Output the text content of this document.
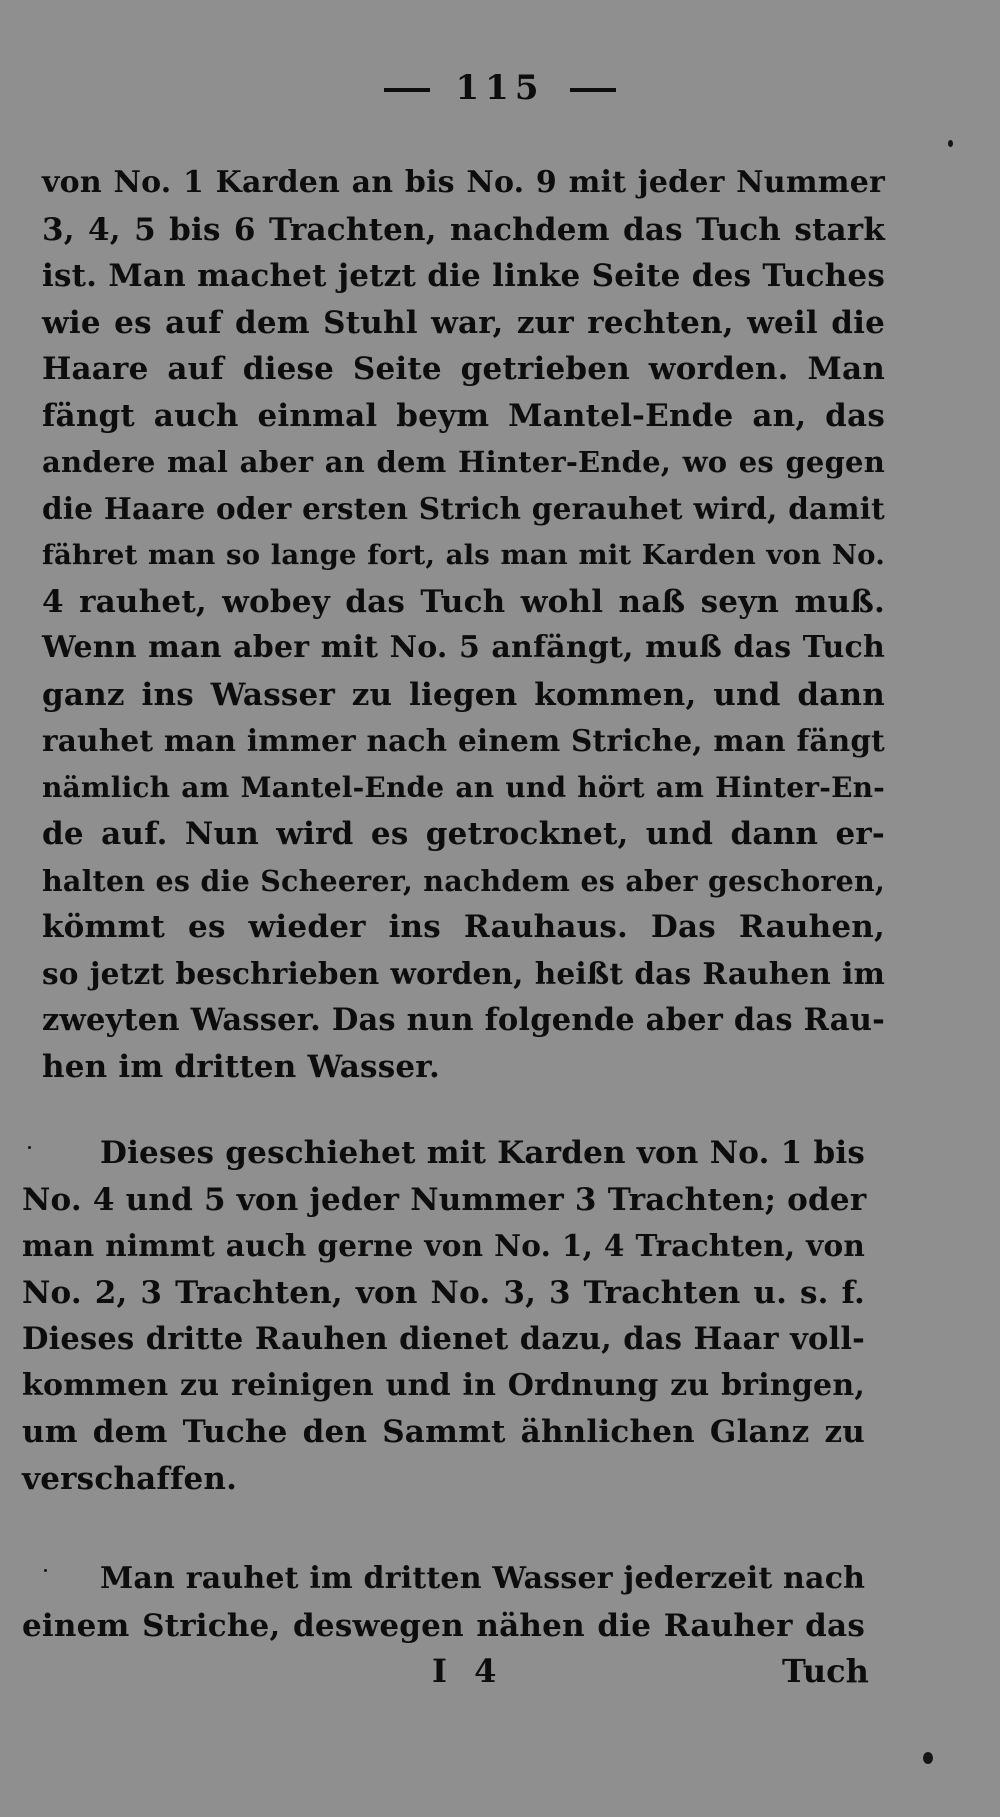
115
von No. 1 Karden an bis No. 9 mit jeder Nummer
3, 4, 5 bis 6 Trachten, nachdem das Tuch stark
ist. Man machet jetzt die linke Seite des Tuches
wie es auf dem Stuhl war, zur rechten, weil die
Haare auf diese Seite getrieben worden. Man
fängt auch einmal beym Mantel-Ende an, das
andere mal aber an dem Hinter-Ende, wo es gegen
die Haare oder ersten Strich gerauhet wird, damit
fähret man so lange fort, als man mit Karden von No.
4 rauhet, wobey das Tuch wohl naß seyn muß.
Wenn man aber mit No. 5 anfängt, muß das Tuch
ganz ins Wasser zu liegen kommen, und dann
rauhet man immer nach einem Striche, man fängt
nämlich am Mantel-Ende an und hört am Hinter-En-
de auf. Nun wird es getrocknet, und dann er-
halten es die Scheerer, nachdem es aber geschoren,
kömmt es wieder ins Rauhaus. Das Rauhen,
so jetzt beschrieben worden, heißt das Rauhen im
zweyten Wasser. Das nun folgende aber das Rau-
hen im dritten Wasser.
Dieses geschiehet mit Karden von No. 1 bis
No. 4 und 5 von jeder Nummer 3 Trachten; oder
man nimmt auch gerne von No. 1, 4 Trachten, von
No. 2, 3 Trachten, von No. 3, 3 Trachten u. s. f.
Dieses dritte Rauhen dienet dazu, das Haar voll-
kommen zu reinigen und in Ordnung zu bringen,
um dem Tuche den Sammt ähnlichen Glanz zu
verschaffen.
Man rauhet im dritten Wasser jederzeit nach
einem Striche, deswegen nähen die Rauher das
I 4	Tuch
